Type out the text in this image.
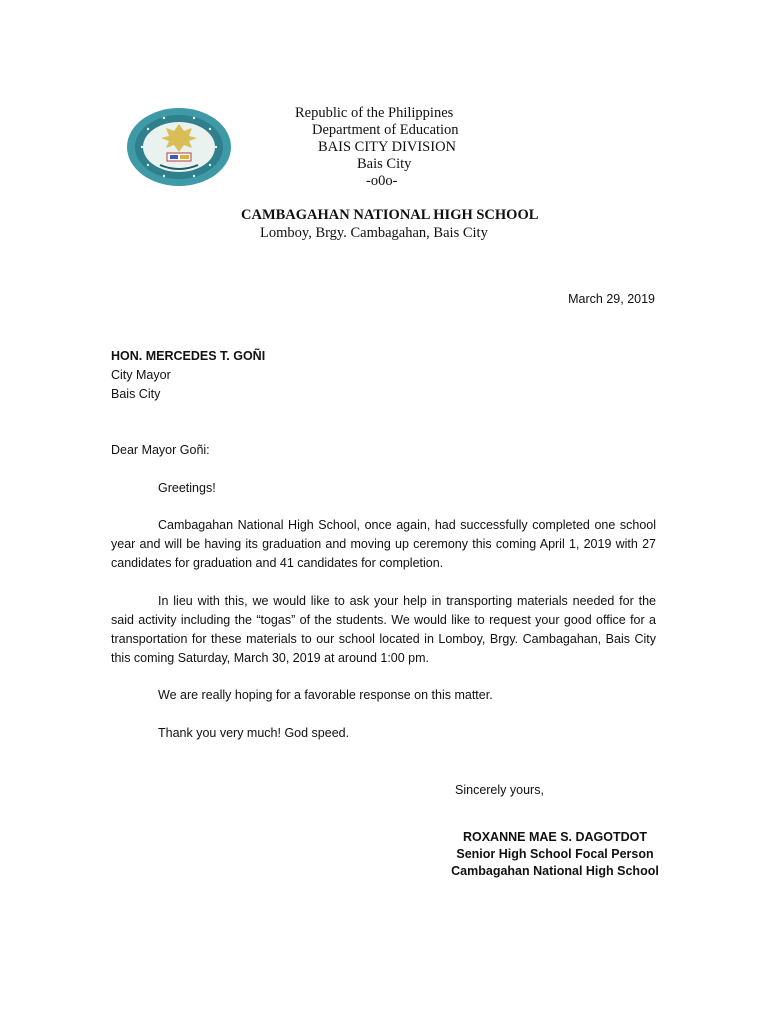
Republic of the Philippines
Department of Education
BAIS CITY DIVISION
Bais City
-o0o-
CAMBAGAHAN NATIONAL HIGH SCHOOL
Lomboy, Brgy. Cambagahan, Bais City
March 29, 2019
HON. MERCEDES T. GOÑI
City Mayor
Bais City
Dear Mayor Goñi:
Greetings!

Cambagahan National High School, once again, had successfully completed one school year and will be having its graduation and moving up ceremony this coming April 1, 2019 with 27 candidates for graduation and 41 candidates for completion.

In lieu with this, we would like to ask your help in transporting materials needed for the said activity including the “togas” of the students. We would like to request your good office for a transportation for these materials to our school located in Lomboy, Brgy. Cambagahan, Bais City this coming Saturday, March 30, 2019 at around 1:00 pm.

We are really hoping for a favorable response on this matter.
Thank you very much! God speed.
Sincerely yours,
ROXANNE MAE S. DAGOTDOT
Senior High School Focal Person
Cambagahan National High School
